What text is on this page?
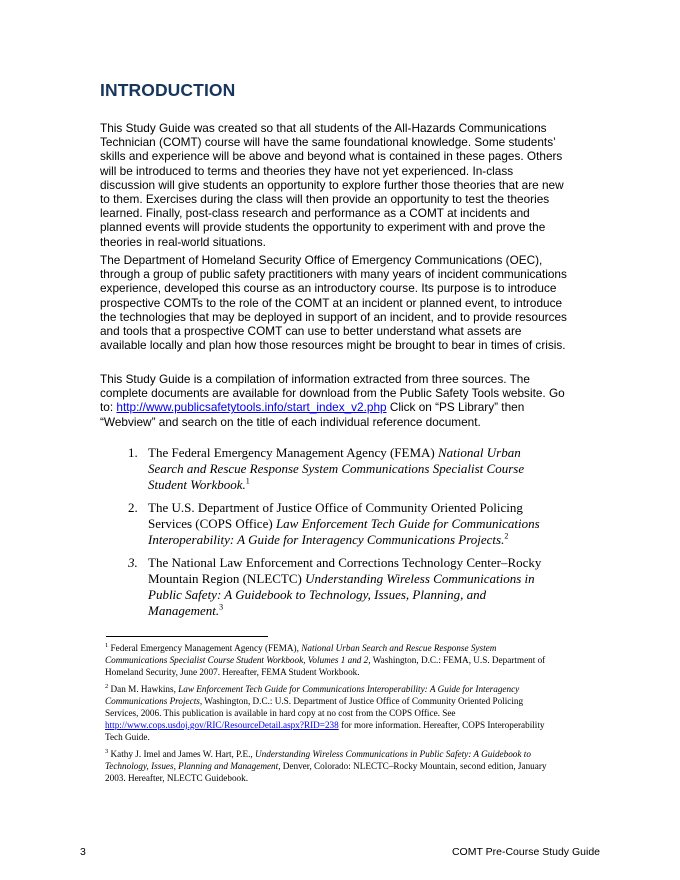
INTRODUCTION

This Study Guide was created so that all students of the All-Hazards Communications Technician (COMT) course will have the same foundational knowledge. Some students’ skills and experience will be above and beyond what is contained in these pages. Others will be introduced to terms and theories they have not yet experienced. In-class discussion will give students an opportunity to explore further those theories that are new to them. Exercises during the class will then provide an opportunity to test the theories learned. Finally, post-class research and performance as a COMT at incidents and planned events will provide students the opportunity to experiment with and prove the theories in real-world situations.

The Department of Homeland Security Office of Emergency Communications (OEC), through a group of public safety practitioners with many years of incident communications experience, developed this course as an introductory course. Its purpose is to introduce prospective COMTs to the role of the COMT at an incident or planned event, to introduce the technologies that may be deployed in support of an incident, and to provide resources and tools that a prospective COMT can use to better understand what assets are available locally and plan how those resources might be brought to bear in times of crisis.

This Study Guide is a compilation of information extracted from three sources. The complete documents are available for download from the Public Safety Tools website. Go to: http://www.publicsafetytools.info/start_index_v2.php Click on “PS Library” then “Webview” and search on the title of each individual reference document.

1. The Federal Emergency Management Agency (FEMA) National Urban Search and Rescue Response System Communications Specialist Course Student Workbook.$^1$
2. The U.S. Department of Justice Office of Community Oriented Policing Services (COPS Office) Law Enforcement Tech Guide for Communications Interoperability: A Guide for Interagency Communications Projects.$^2$
3. The National Law Enforcement and Corrections Technology Center–Rocky Mountain Region (NLECTC) Understanding Wireless Communications in Public Safety: A Guidebook to Technology, Issues, Planning, and Management.$^3$

$^1$ Federal Emergency Management Agency (FEMA), National Urban Search and Rescue Response System Communications Specialist Course Student Workbook, Volumes 1 and 2, Washington, D.C.: FEMA, U.S. Department of Homeland Security, June 2007. Hereafter, FEMA Student Workbook.

$^2$ Dan M. Hawkins, Law Enforcement Tech Guide for Communications Interoperability: A Guide for Interagency Communications Projects, Washington, D.C.: U.S. Department of Justice Office of Community Oriented Policing Services, 2006. This publication is available in hard copy at no cost from the COPS Office. See http://www.cops.usdoj.gov/RIC/ResourceDetail.aspx?RID=238 for more information. Hereafter, COPS Interoperability Tech Guide.

$^3$ Kathy J. Imel and James W. Hart, P.E., Understanding Wireless Communications in Public Safety: A Guidebook to Technology, Issues, Planning and Management, Denver, Colorado: NLECTC–Rocky Mountain, second edition, January 2003. Hereafter, NLECTC Guidebook.

3	COMT Pre-Course Study Guide
